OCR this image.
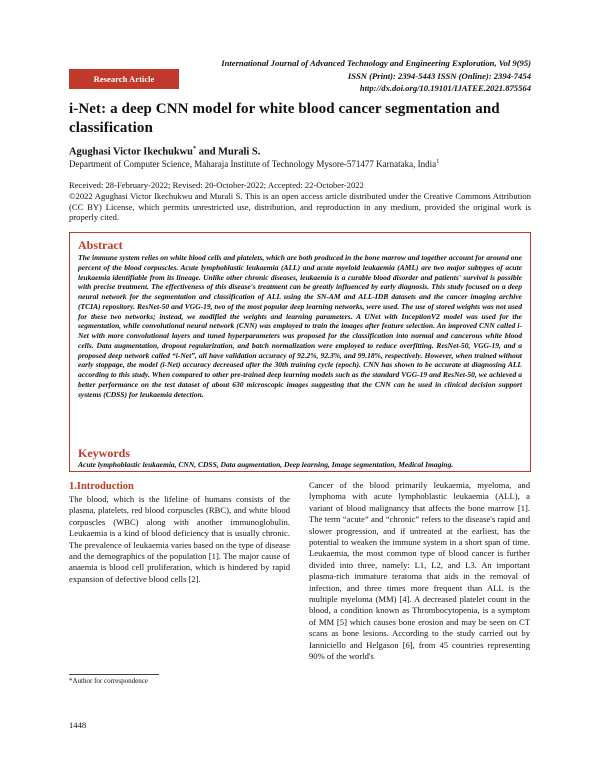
International Journal of Advanced Technology and Engineering Exploration, Vol 9(95)
ISSN (Print): 2394-5443 ISSN (Online): 2394-7454
http://dx.doi.org/10.19101/IJATEE.2021.875564
Research Article
i-Net: a deep CNN model for white blood cancer segmentation and classification
Agughasi Victor Ikechukwu* and Murali S.
Department of Computer Science, Maharaja Institute of Technology Mysore-571477 Karnataka, India$^1$
Received: 28-February-2022; Revised: 20-October-2022; Accepted: 22-October-2022
©2022 Agughasi Victor Ikechukwu and Murali S. This is an open access article distributed under the Creative Commons Attribution (CC BY) License, which permits unrestricted use, distribution, and reproduction in any medium, provided the original work is properly cited.
Abstract

The immune system relies on white blood cells and platelets, which are both produced in the bone marrow and together account for around one percent of the blood corpuscles. Acute lymphoblastic leukaemia (ALL) and acute myeloid leukaemia (AML) are two major subtypes of acute leukaemia identifiable from its lineage. Unlike other chronic diseases, leukaemia is a curable blood disorder and patients' survival is possible with precise treatment. The effectiveness of this disease's treatment can be greatly influenced by early diagnosis. This study focused on a deep neural network for the segmentation and classification of ALL using the SN-AM and ALL-IDB datasets and the cancer imaging archive (TCIA) repository. ResNet-50 and VGG-19, two of the most popular deep learning networks, were used. The use of stored weights was not used for these two networks; instead, we modified the weights and learning parameters. A UNet with InceptionV2 model was used for the segmentation, while convolutional neural network (CNN) was employed to train the images after feature selection. An improved CNN called i-Net with more convolutional layers and tuned hyperparameters was proposed for the classification into normal and cancerous white blood cells. Data augmentation, dropout regularization, and batch normalization were employed to reduce overfitting. ResNet-50, VGG-19, and a proposed deep network called “i-Net”, all have validation accuracy of 92.2%, 92.3%, and 99.18%, respectively. However, when trained without early stoppage, the model (i-Net) accuracy decreased after the 30th training cycle (epoch). CNN has shown to be accurate at diagnosing ALL according to this study. When compared to other pre-trained deep learning models such as the standard VGG-19 and ResNet-50, we achieved a better performance on the test dataset of about 630 microscopic images suggesting that the CNN can be used in clinical decision support systems (CDSS) for leukaemia detection.

Keywords

Acute lymphoblastic leukaemia, CNN, CDSS, Data augmentation, Deep learning, Image segmentation, Medical Imaging.

1.Introduction

The blood, which is the lifeline of humans consists of the plasma, platelets, red blood corpuscles (RBC), and white blood corpuscles (WBC) along with another immunoglobulin. Leukaemia is a kind of blood deficiency that is usually chronic. The prevalence of leukaemia varies based on the type of disease and the demographics of the population [1]. The major cause of anaemia is blood cell proliferation, which is hindered by rapid expansion of defective blood cells [2].

Cancer of the blood primarily leukaemia, myeloma, and lymphoma with acute lymphoblastic leukaemia (ALL), a variant of blood malignancy that affects the bone marrow [1]. The term “acute” and “chronic” refers to the disease's rapid and slower progression, and if untreated at the earliest, has the potential to weaken the immune system in a short span of time. Leukaemia, the most common type of blood cancer is further divided into three, namely: L1, L2, and L3. An important plasma-rich immature teratoma that aids in the removal of infection, and three times more frequent than ALL is the multiple myeloma (MM) [4]. A decreased platelet count in the blood, a condition known as Thrombocytopenia, is a symptom of MM [5] which causes bone erosion and may be seen on CT scans as bone lesions. According to the study carried out by Ianniciello and Helgason [6], from 45 countries representing 90% of the world's

*Author for correspondence
1448
